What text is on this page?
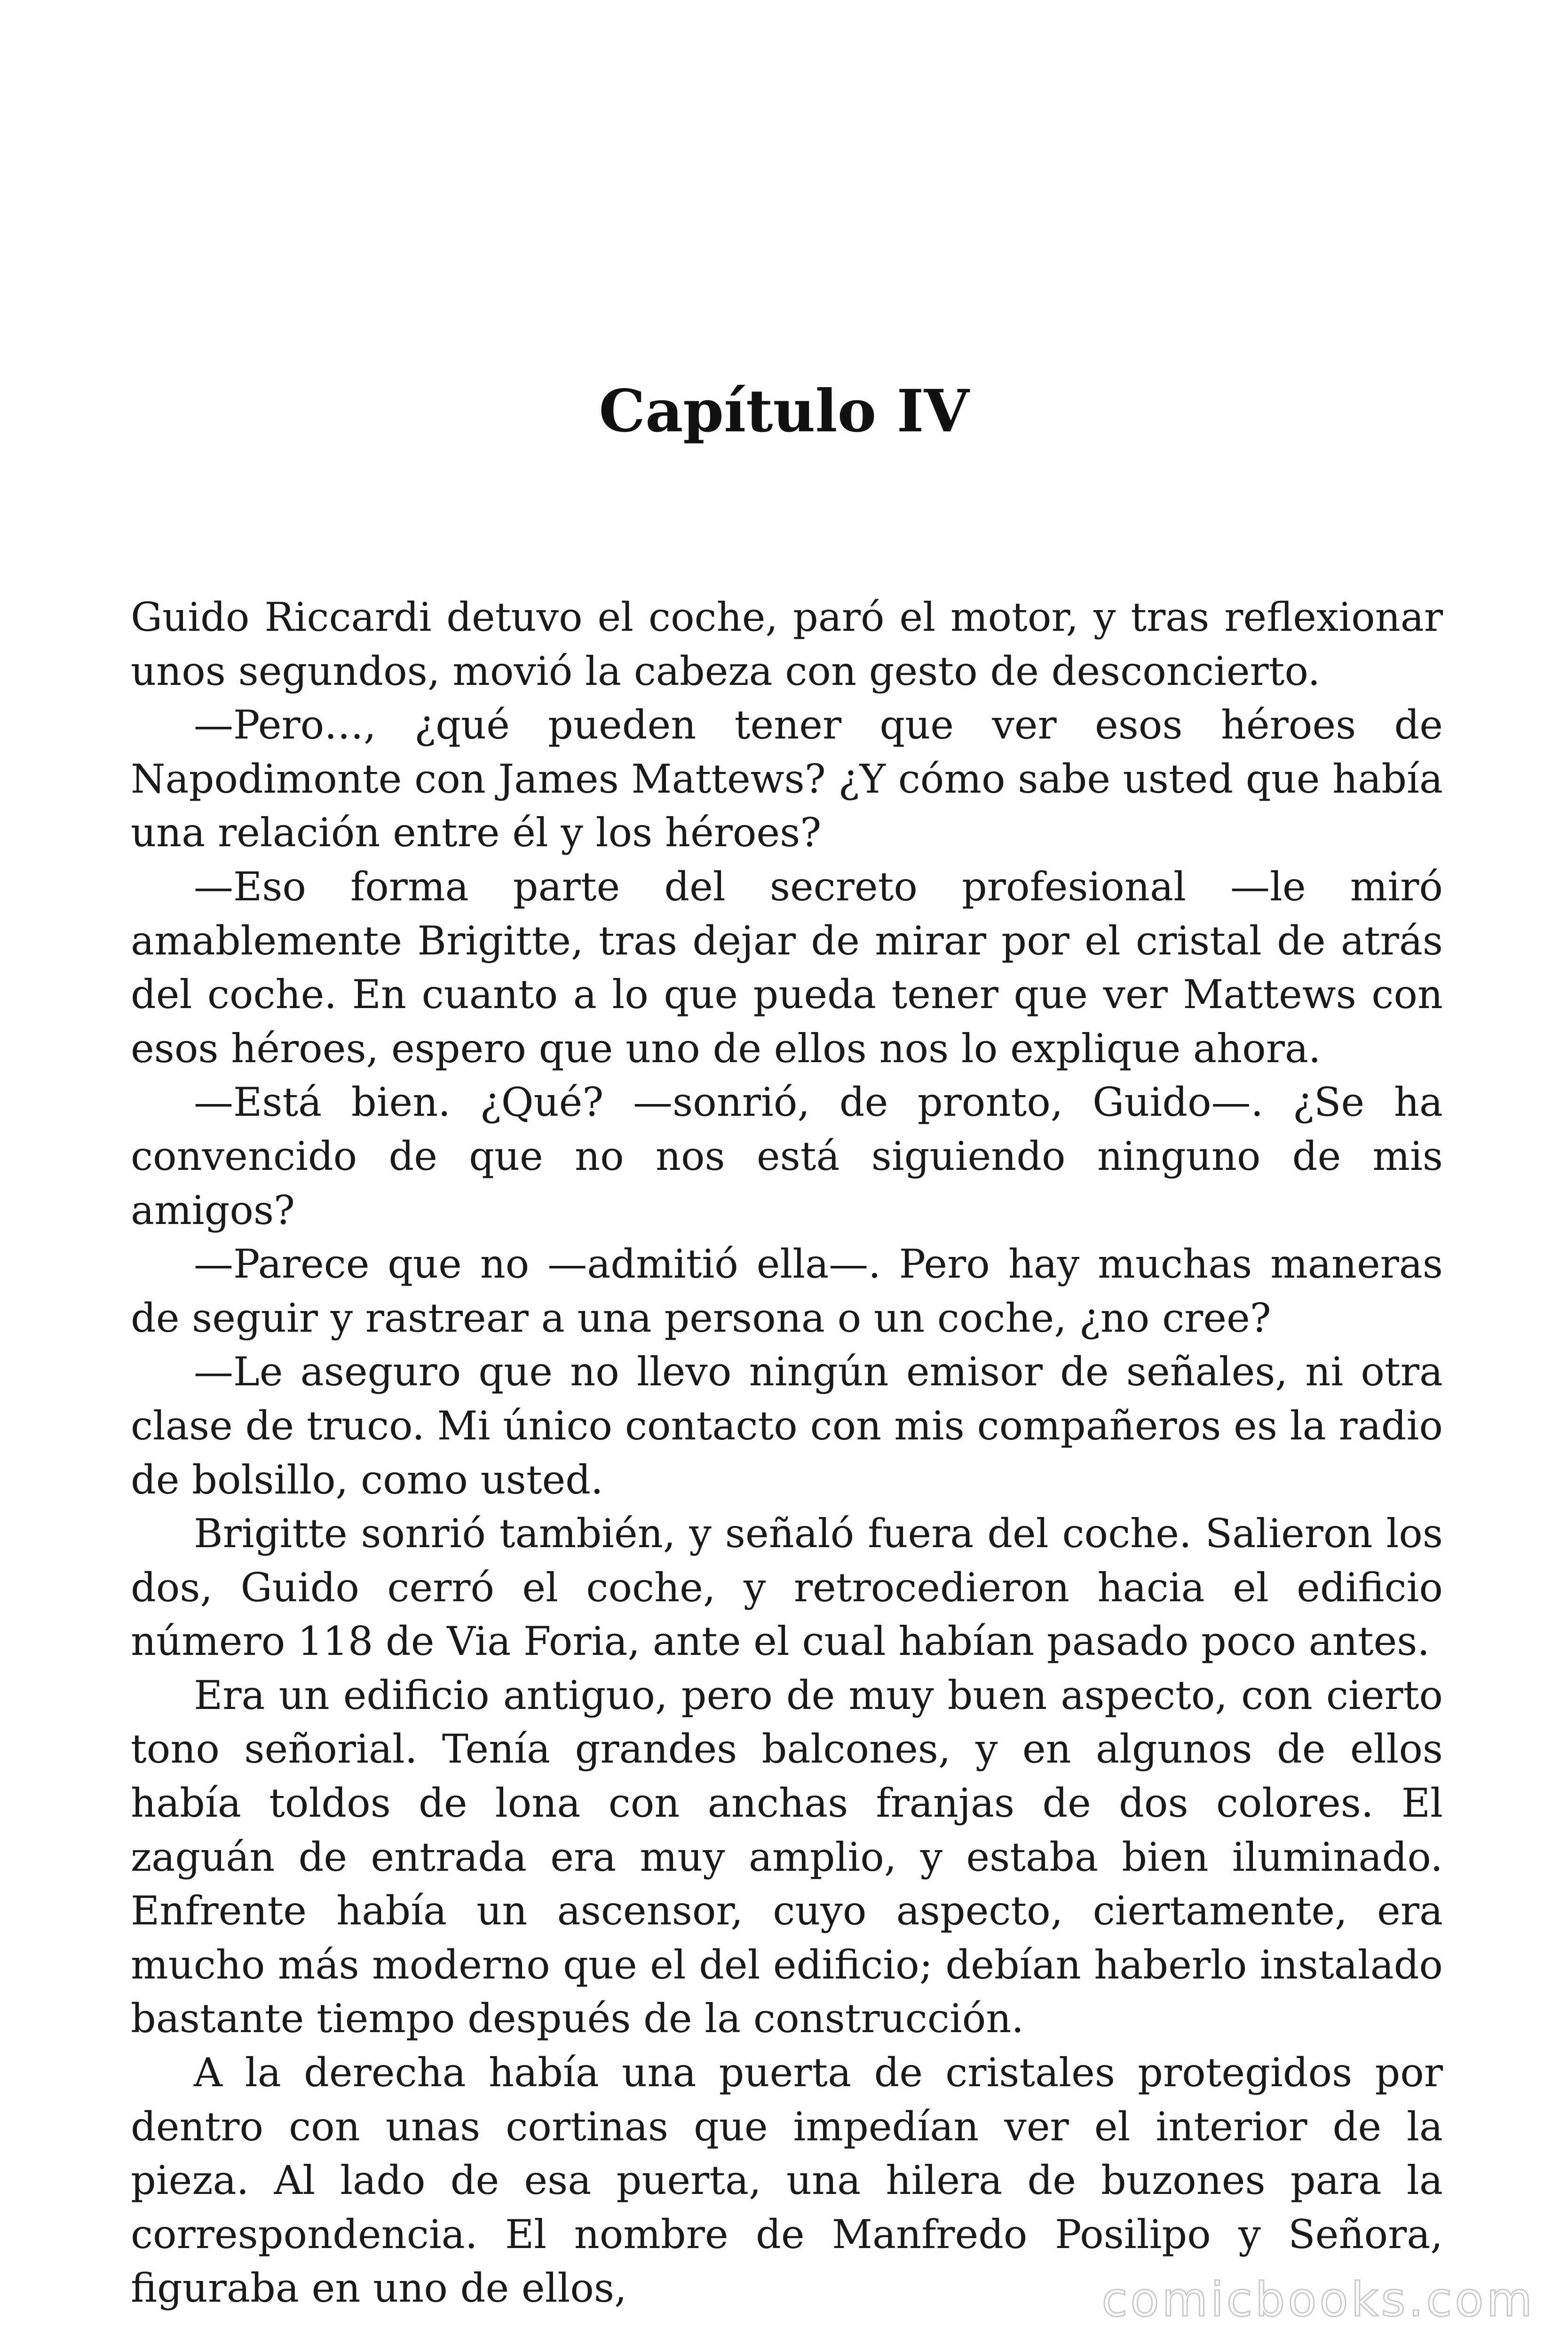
Capítulo IV

Guido Riccardi detuvo el coche, paró el motor, y tras reflexionar unos segundos, movió la cabeza con gesto de desconcierto.

—Pero…, ¿qué pueden tener que ver esos héroes de Napodimonte con James Mattews? ¿Y cómo sabe usted que había una relación entre él y los héroes?

—Eso forma parte del secreto profesional —le miró amablemente Brigitte, tras dejar de mirar por el cristal de atrás del coche. En cuanto a lo que pueda tener que ver Mattews con esos héroes, espero que uno de ellos nos lo explique ahora.

—Está bien. ¿Qué? —sonrió, de pronto, Guido—. ¿Se ha convencido de que no nos está siguiendo ninguno de mis amigos?

—Parece que no —admitió ella—. Pero hay muchas maneras de seguir y rastrear a una persona o un coche, ¿no cree?

—Le aseguro que no llevo ningún emisor de señales, ni otra clase de truco. Mi único contacto con mis compañeros es la radio de bolsillo, como usted.

Brigitte sonrió también, y señaló fuera del coche. Salieron los dos, Guido cerró el coche, y retrocedieron hacia el edificio número 118 de Via Foria, ante el cual habían pasado poco antes.

Era un edificio antiguo, pero de muy buen aspecto, con cierto tono señorial. Tenía grandes balcones, y en algunos de ellos había toldos de lona con anchas franjas de dos colores. El zaguán de entrada era muy amplio, y estaba bien iluminado. Enfrente había un ascensor, cuyo aspecto, ciertamente, era mucho más moderno que el del edificio; debían haberlo instalado bastante tiempo después de la construcción.

A la derecha había una puerta de cristales protegidos por dentro con unas cortinas que impedían ver el interior de la pieza. Al lado de esa puerta, una hilera de buzones para la correspondencia. El nombre de Manfredo Posilipo y Señora, figuraba en uno de ellos,	comicbooks.com
